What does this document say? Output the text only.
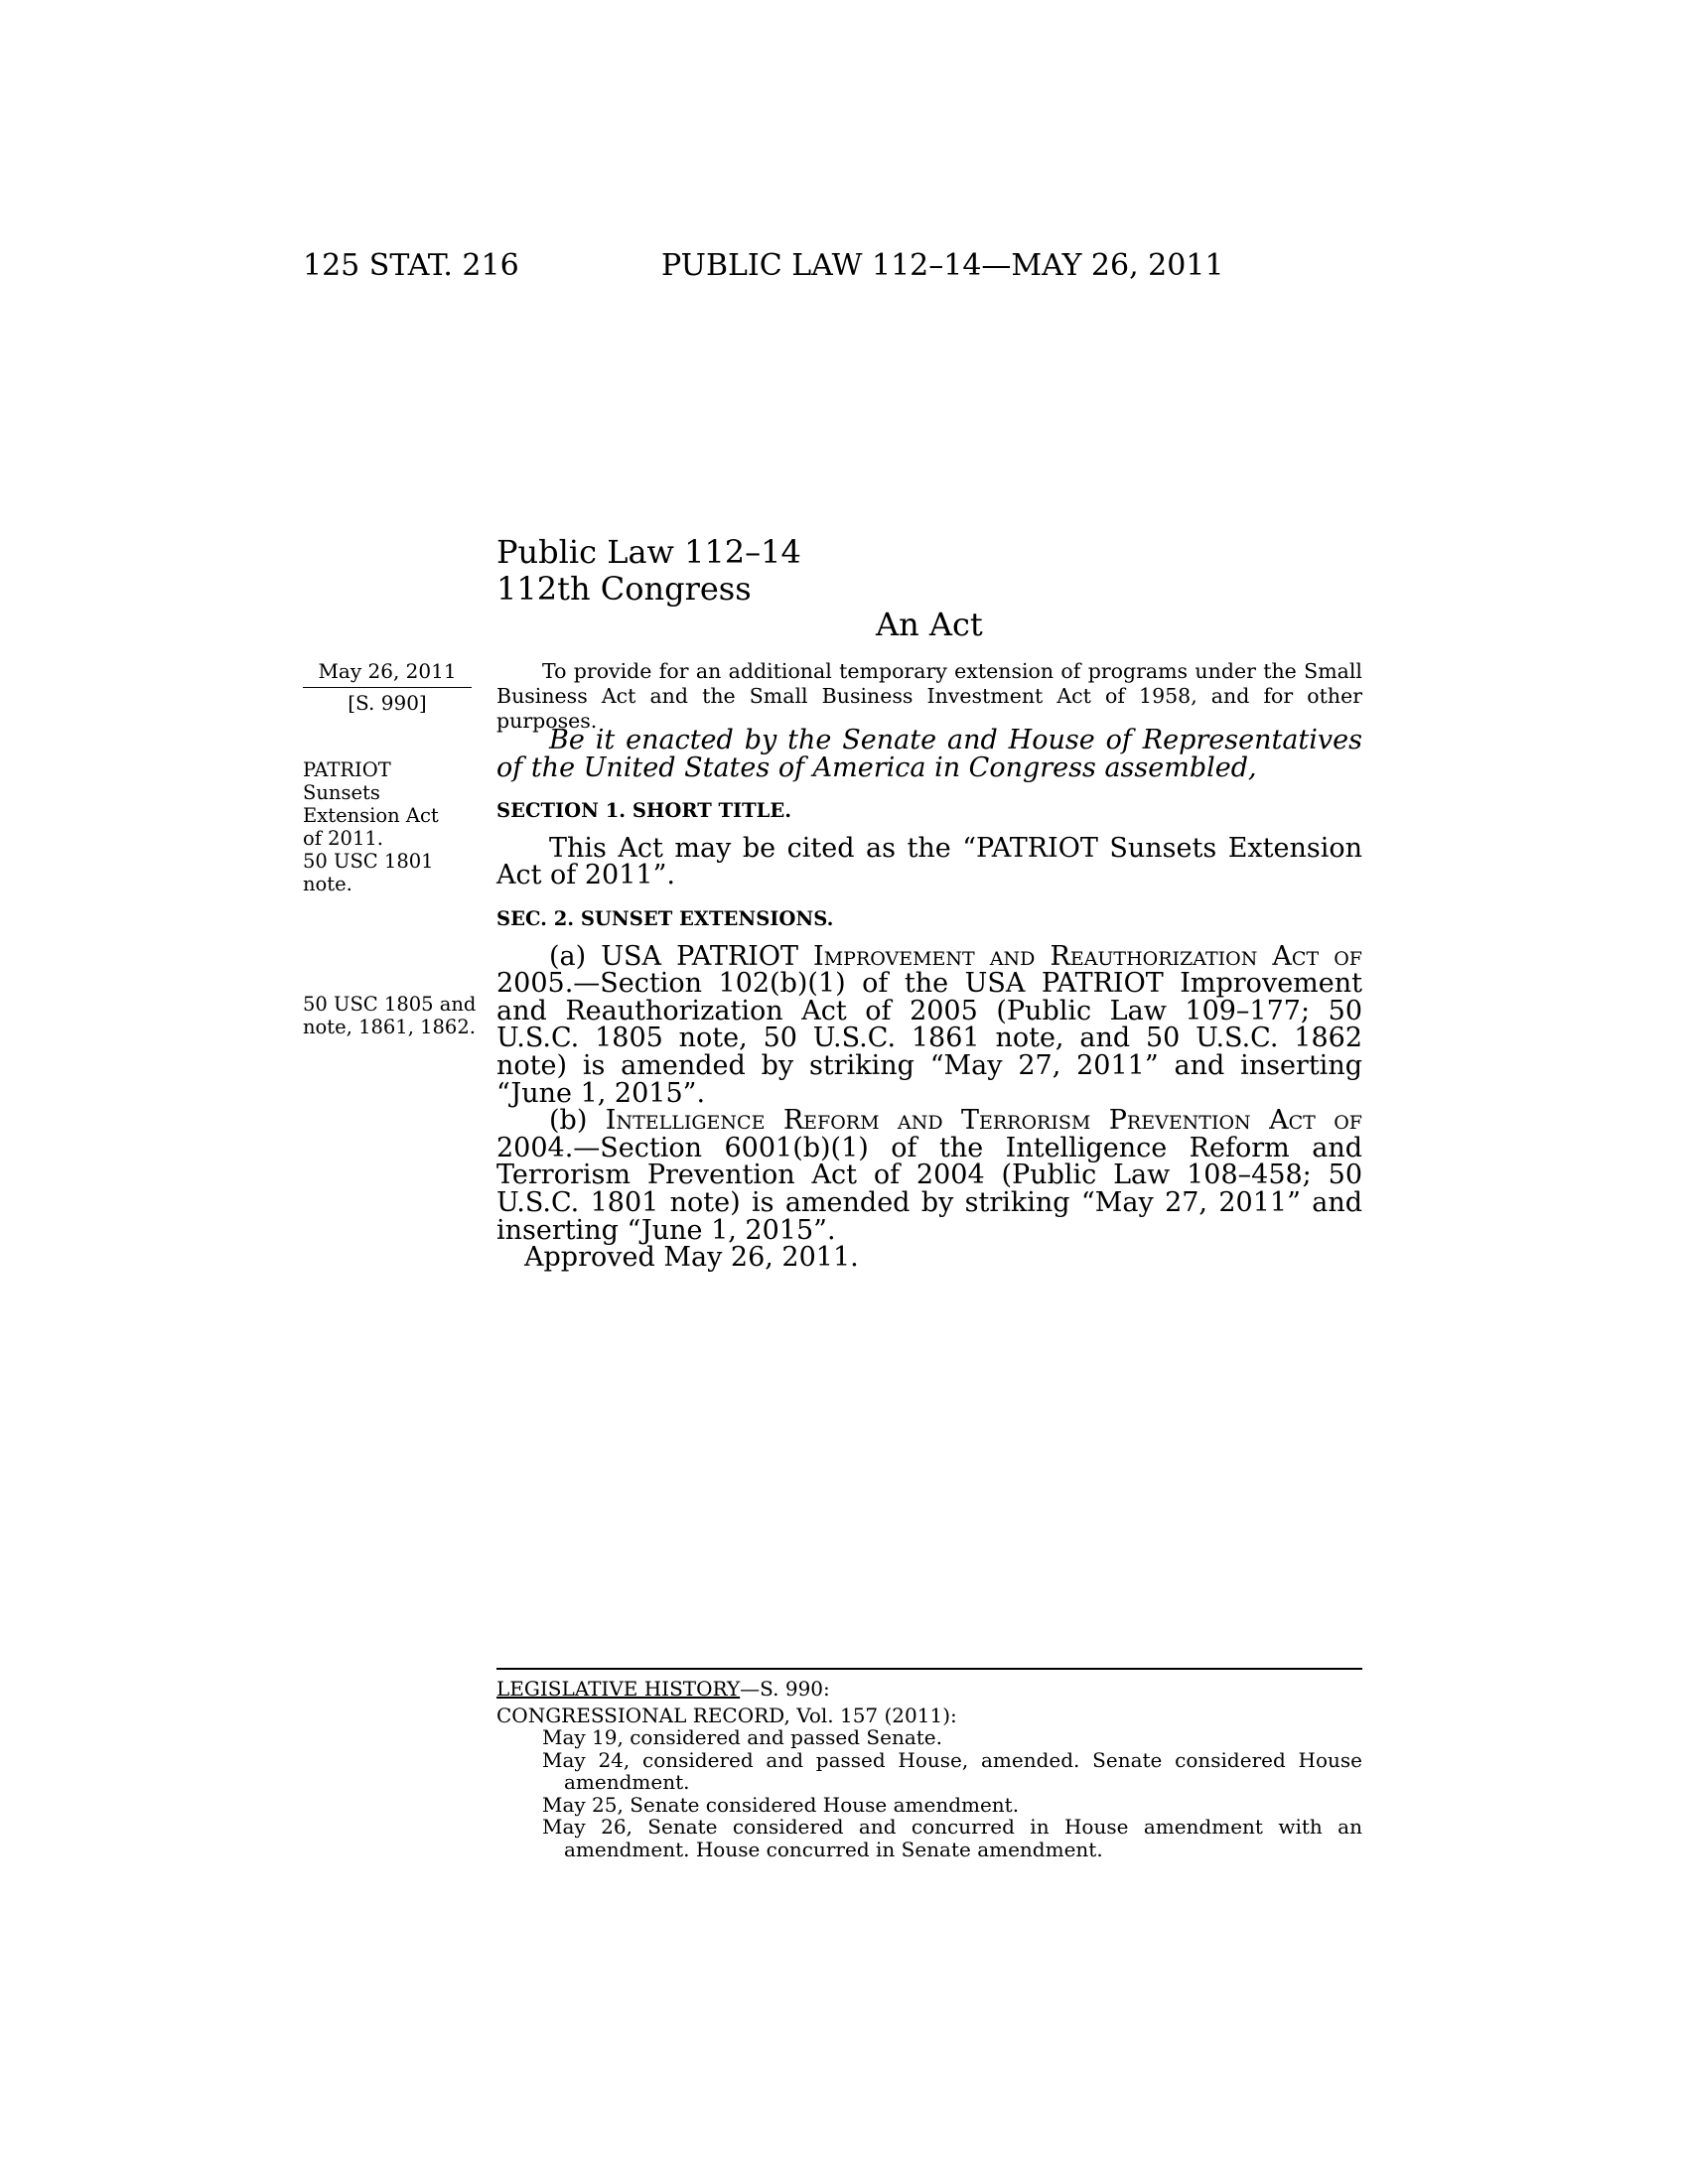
125 STAT. 216	PUBLIC LAW 112–14—MAY 26, 2011
Public Law 112–14
112th Congress
An Act
May 26, 2011
[S. 990]
To provide for an additional temporary extension of programs under the Small Business Act and the Small Business Investment Act of 1958, and for other purposes.
PATRIOT
Sunsets
Extension Act
of 2011.
50 USC 1801
note.
50 USC 1805 and
note, 1861, 1862.

Be it enacted by the Senate and House of Representatives of the United States of America in Congress assembled,

SECTION 1. SHORT TITLE.

This Act may be cited as the “PATRIOT Sunsets Extension Act of 2011”.

SEC. 2. SUNSET EXTENSIONS.

(a) USA PATRIOT Improvement and Reauthorization Act of 2005.—Section 102(b)(1) of the USA PATRIOT Improvement and Reauthorization Act of 2005 (Public Law 109–177; 50 U.S.C. 1805 note, 50 U.S.C. 1861 note, and 50 U.S.C. 1862 note) is amended by striking “May 27, 2011” and inserting “June 1, 2015”.

(b) Intelligence Reform and Terrorism Prevention Act of 2004.—Section 6001(b)(1) of the Intelligence Reform and Terrorism Prevention Act of 2004 (Public Law 108–458; 50 U.S.C. 1801 note) is amended by striking “May 27, 2011” and inserting “June 1, 2015”.

Approved May 26, 2011.

LEGISLATIVE HISTORY—S. 990:

CONGRESSIONAL RECORD, Vol. 157 (2011):

May 19, considered and passed Senate.

May 24, considered and passed House, amended. Senate considered House amendment.

May 25, Senate considered House amendment.

May 26, Senate considered and concurred in House amendment with an amendment. House concurred in Senate amendment.
